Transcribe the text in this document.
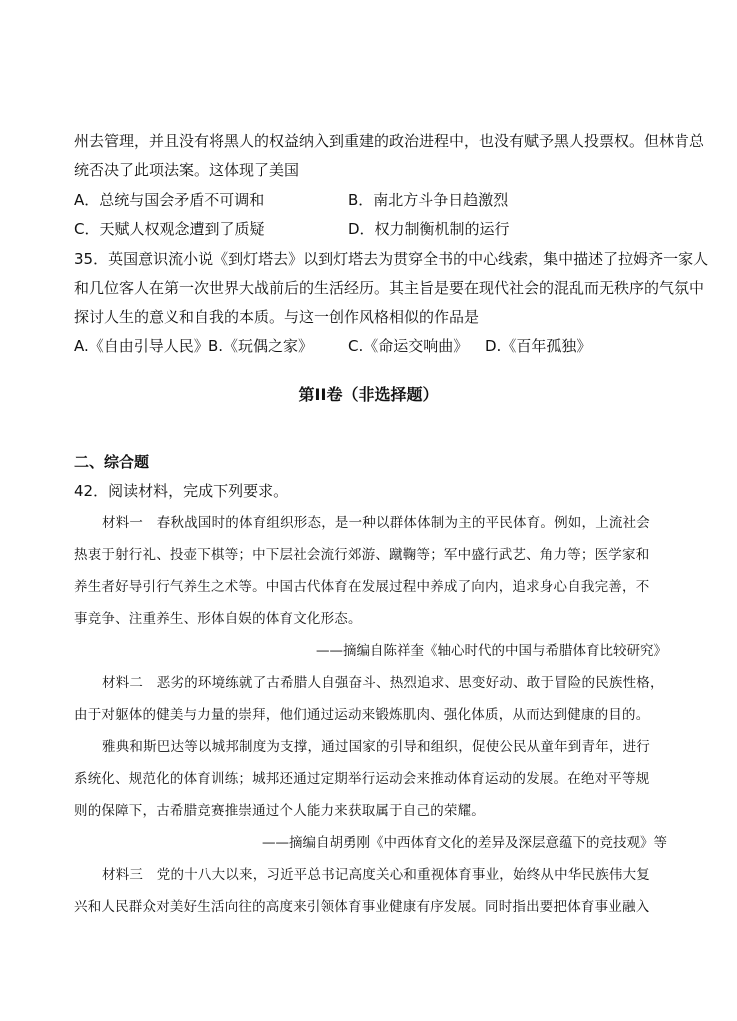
州去管理，并且没有将黑人的权益纳入到重建的政治进程中，也没有赋予黑人投票权。但林肯总
统否决了此项法案。这体现了美国
A．总统与国会矛盾不可调和	B．南北方斗争日趋激烈
C．天赋人权观念遭到了质疑	D．权力制衡机制的运行
35．英国意识流小说《到灯塔去》以到灯塔去为贯穿全书的中心线索，集中描述了拉姆齐一家人
和几位客人在第一次世界大战前后的生活经历。其主旨是要在现代社会的混乱而无秩序的气氛中
探讨人生的意义和自我的本质。与这一创作风格相似的作品是
A.《自由引导人民》 B.《玩偶之家》 C.《命运交响曲》 D.《百年孤独》
第II卷（非选择题）
二、综合题
42．阅读材料，完成下列要求。
材料一　春秋战国时的体育组织形态，是一种以群体体制为主的平民体育。例如，上流社会
热衷于射行礼、投壶下棋等；中下层社会流行郊游、蹴鞠等；军中盛行武艺、角力等；医学家和
养生者好导引行气养生之术等。中国古代体育在发展过程中养成了向内，追求身心自我完善，不
事竞争、注重养生、形体自娱的体育文化形态。
——摘编自陈祥奎《轴心时代的中国与希腊体育比较研究》
材料二　恶劣的环境练就了古希腊人自强奋斗、热烈追求、思变好动、敢于冒险的民族性格，
由于对躯体的健美与力量的崇拜，他们通过运动来锻炼肌肉、强化体质，从而达到健康的目的。
雅典和斯巴达等以城邦制度为支撑，通过国家的引导和组织，促使公民从童年到青年，进行
系统化、规范化的体育训练；城邦还通过定期举行运动会来推动体育运动的发展。在绝对平等规
则的保障下，古希腊竞赛推崇通过个人能力来获取属于自己的荣耀。
——摘编自胡勇刚《中西体育文化的差异及深层意蕴下的竞技观》等
材料三　党的十八大以来，习近平总书记高度关心和重视体育事业，始终从中华民族伟大复
兴和人民群众对美好生活向往的高度来引领体育事业健康有序发展。同时指出要把体育事业融入
